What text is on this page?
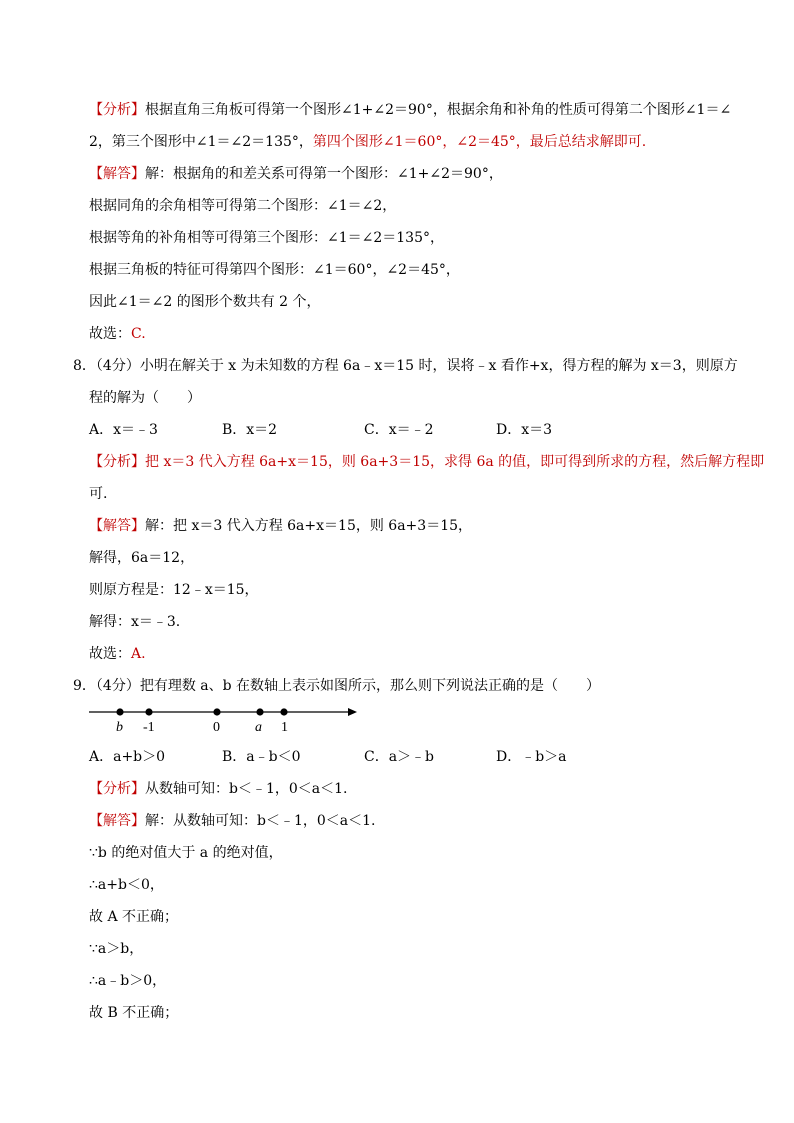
【分析】根据直角三角板可得第一个图形∠1+∠2＝90°，根据余角和补角的性质可得第二个图形∠1＝∠
2，第三个图形中∠1＝∠2＝135°，第四个图形∠1＝60°，∠2＝45°，最后总结求解即可.
【解答】解：根据角的和差关系可得第一个图形：∠1+∠2＝90°，
根据同角的余角相等可得第二个图形：∠1＝∠2，
根据等角的补角相等可得第三个图形：∠1＝∠2＝135°，
根据三角板的特征可得第四个图形：∠1＝60°，∠2＝45°，
因此∠1＝∠2 的图形个数共有 2 个，
故选：C.
8．（4分）小明在解关于 x 为未知数的方程 6a﹣x＝15 时，误将﹣x 看作+x，得方程的解为 x＝3，则原方
程的解为（　　）
A．x＝﹣3	B．x＝2	C．x＝﹣2	D．x＝3
【分析】把 x＝3 代入方程 6a+x＝15，则 6a+3＝15，求得 6a 的值，即可得到所求的方程，然后解方程即
可.
【解答】解：把 x＝3 代入方程 6a+x＝15，则 6a+3＝15，
解得，6a＝12，
则原方程是：12﹣x＝15，
解得：x＝﹣3.
故选：A.
9．（4分）把有理数 a、b 在数轴上表示如图所示，那么则下列说法正确的是（　　）
b -1	0	a 1
A．a+b＞0	B．a﹣b＜0	C．a＞﹣b	D．﹣b＞a
【分析】从数轴可知：b＜﹣1，0＜a＜1.
【解答】解：从数轴可知：b＜﹣1，0＜a＜1.
∵b 的绝对值大于 a 的绝对值，
∴a+b＜0，
故 A 不正确；
∵a＞b，
∴a﹣b＞0，
故 B 不正确；
